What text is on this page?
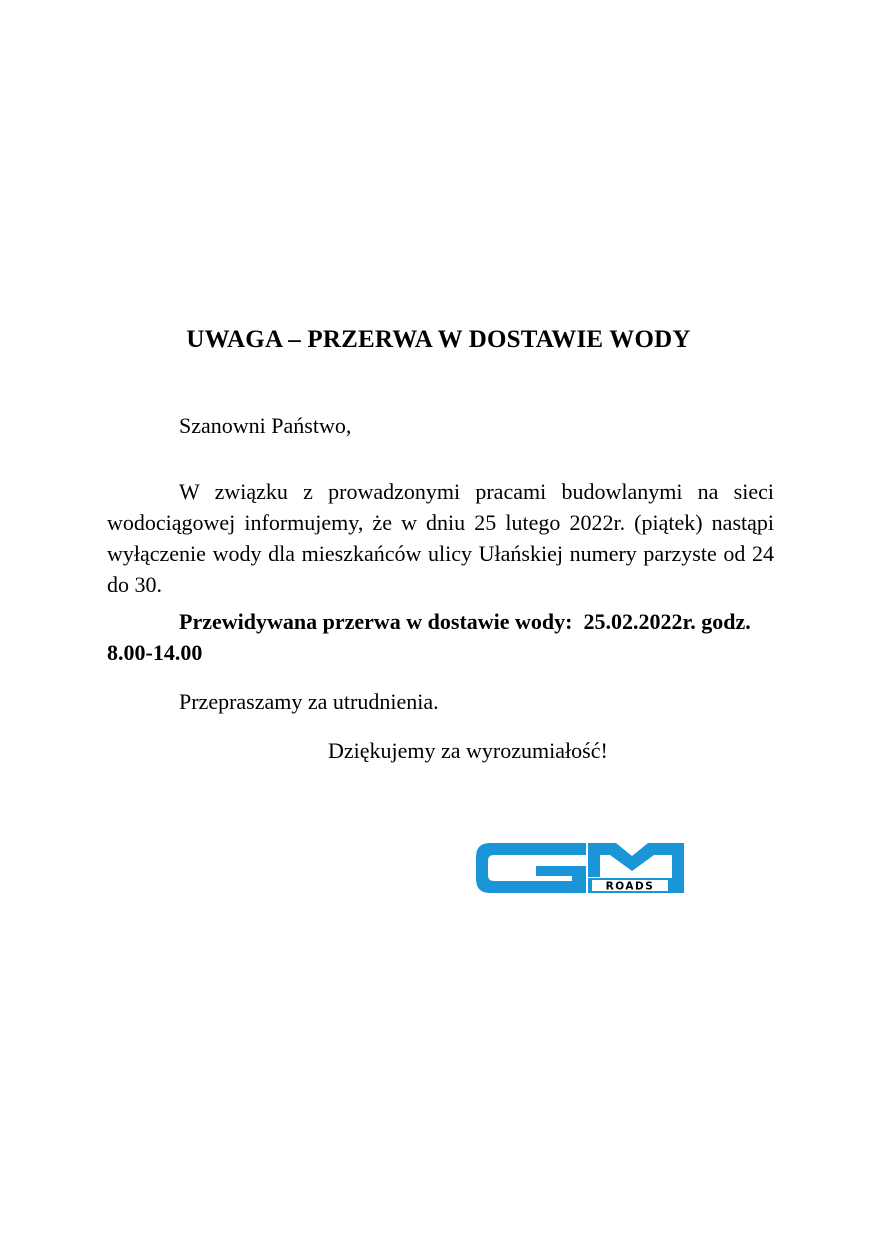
UWAGA – PRZERWA W DOSTAWIE WODY
Szanowni Państwo,
W związku z prowadzonymi pracami budowlanymi na sieci wodociągowej informujemy, że w dniu 25 lutego 2022r. (piątek) nastąpi wyłączenie wody dla mieszkańców ulicy Ułańskiej numery parzyste od 24 do 30.
Przewidywana przerwa w dostawie wody:  25.02.2022r. godz. 8.00-14.00
Przepraszamy za utrudnienia.
Dziękujemy za wyrozumiałość!
ROADS
